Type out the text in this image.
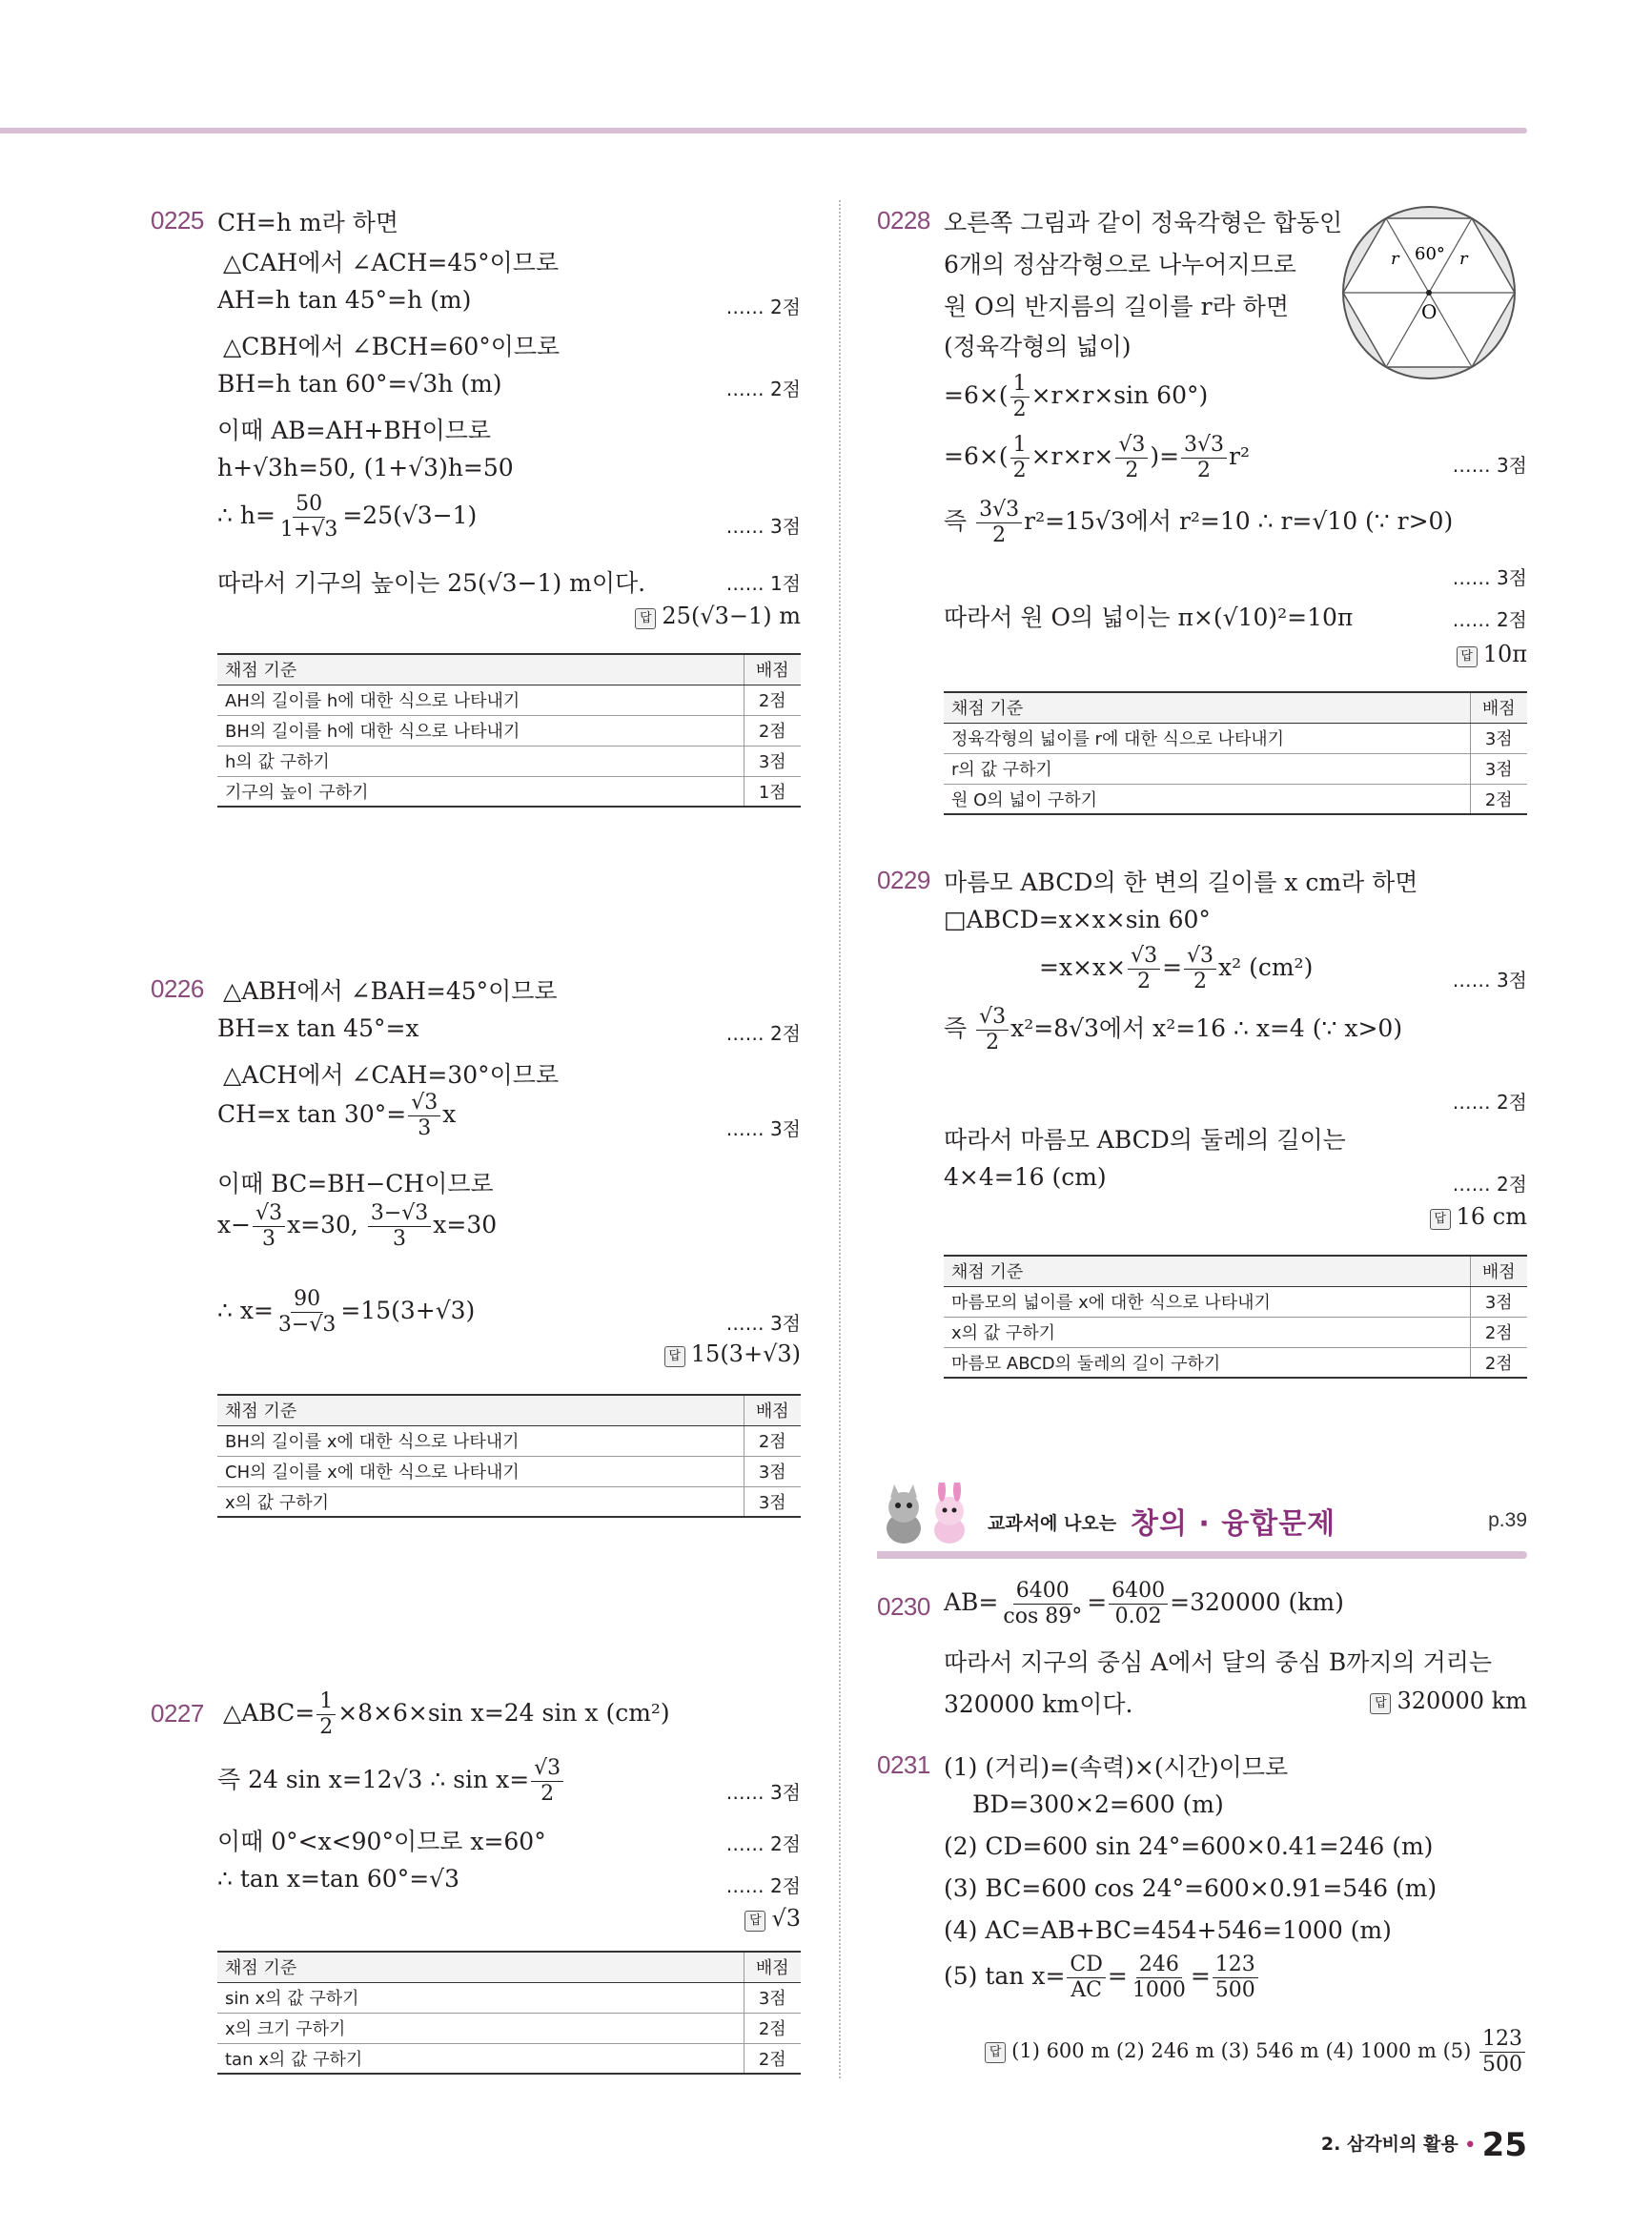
0225 CH=h m라 하면
△CAH에서 ∠ACH=45°이므로
AH=h tan 45°=h (m)	…… 2점
△CBH에서 ∠BCH=60°이므로
BH=h tan 60°=√3h (m)	…… 2점
이때 AB=AH+BH이므로
h+√3h=50, (1+√3)h=50
∴ $h= \frac{50}{1+√3} =25(√3-1)$	…… 3점
따라서 기구의 높이는 25(√3−1) m이다.	…… 1점
답 25(√3−1) m
채점 기준	배점
AH의 길이를 h에 대한 식으로 나타내기	2점
BH의 길이를 h에 대한 식으로 나타내기	2점
h의 값 구하기	3점
기구의 높이 구하기	1점
0226 △ABH에서 ∠BAH=45°이므로
BH=x tan 45°=x	…… 2점
△ACH에서 ∠CAH=30°이므로
CH=x $\tan 30^\circ= \frac{√3}{3}$ x
…… 3점
이때 BC=BH−CH이므로
$x- \frac{√3}{3} x=30$, $\frac{3-√3}{3} x=30$
∴ $x= \frac{90}{3-√3} =15(3+√3)$	…… 3점
답 15(3+√3)
채점 기준	배점
BH의 길이를 x에 대한 식으로 나타내기	2점
CH의 길이를 x에 대한 식으로 나타내기	3점
x의 값 구하기	3점
0227 △ABC= $\frac{1}{2} \times 8\times 6\times\sin$ x=24 sin x (cm²)
즉 24 sin x=12√3 ∴ $\sin x= \frac{√3}{2}$	…… 3점
이때 0°<x<90°이므로 x=60°	…… 2점
∴ tan x=tan 60°=√3	…… 2점
답 √3
채점 기준	배점
sin x의 값 구하기	3점
x의 크기 구하기	2점
tan x의 값 구하기	2점
0228 오른쪽 그림과 같이 정육각형은 합동인
6개의 정삼각형으로 나누어지므로
원 O의 반지름의 길이를 r라 하면
(정육각형의 넓이)
$=6\times( \frac{1}{2} \times r\times r\times\sin$ 60°)
$=6\times( \frac{1}{2} \times r\times r\times \frac{√3}{2}$ )= $\frac{3√3}{2} r^2$	…… 3점
즉 $\frac{3√3}{2} r^2=15√3$에서 r²=10 ∴ r=√10 (∵ r>0)
…… 3점
따라서 원 O의 넓이는 π×(√10)²=10π	…… 2점
답 10π
60°
r	r
O
채점 기준	배점
정육각형의 넓이를 r에 대한 식으로 나타내기	3점
r의 값 구하기	3점
원 O의 넓이 구하기	2점
0229 마름모 ABCD의 한 변의 길이를 x cm라 하면
□ABCD=x×x×sin 60°
$=x\times x\times \frac{√3}{2} = \frac{√3}{2} x^2$ (cm²)	…… 3점
즉 $\frac{√3}{2} x^2=8√3$에서 x²=16 ∴ x=4 (∵ x>0)
…… 2점
따라서 마름모 ABCD의 둘레의 길이는
4×4=16 (cm)	…… 2점
답 16 cm
채점 기준	배점
마름모의 넓이를 x에 대한 식으로 나타내기	3점
x의 값 구하기	2점
마름모 ABCD의 둘레의 길이 구하기	2점
교과서에 나오는 창의 · 융합문제	p.39
0230 $AB= \frac{6400}{\cos 89^\circ} = \frac{6400}{0.02} =320000$ (km)
따라서 지구의 중심 A에서 달의 중심 B까지의 거리는
320000 km이다.	답 320000 km
0231 (1) (거리)=(속력)×(시간)이므로
BD=300×2=600 (m)
(2) CD=600 sin 24°=600×0.41=246 (m)
(3) BC=600 cos 24°=600×0.91=546 (m)
(4) AC=AB+BC=454+546=1000 (m)
(5) $\tan x= \frac{CD}{AC} = \frac{246}{1000} = \frac{123}{500}$
답 (1) 600 m (2) 246 m (3) 546 m (4) 1000 m $(5) \frac{123}{500}$
2. 삼각비의 활용 • 25
